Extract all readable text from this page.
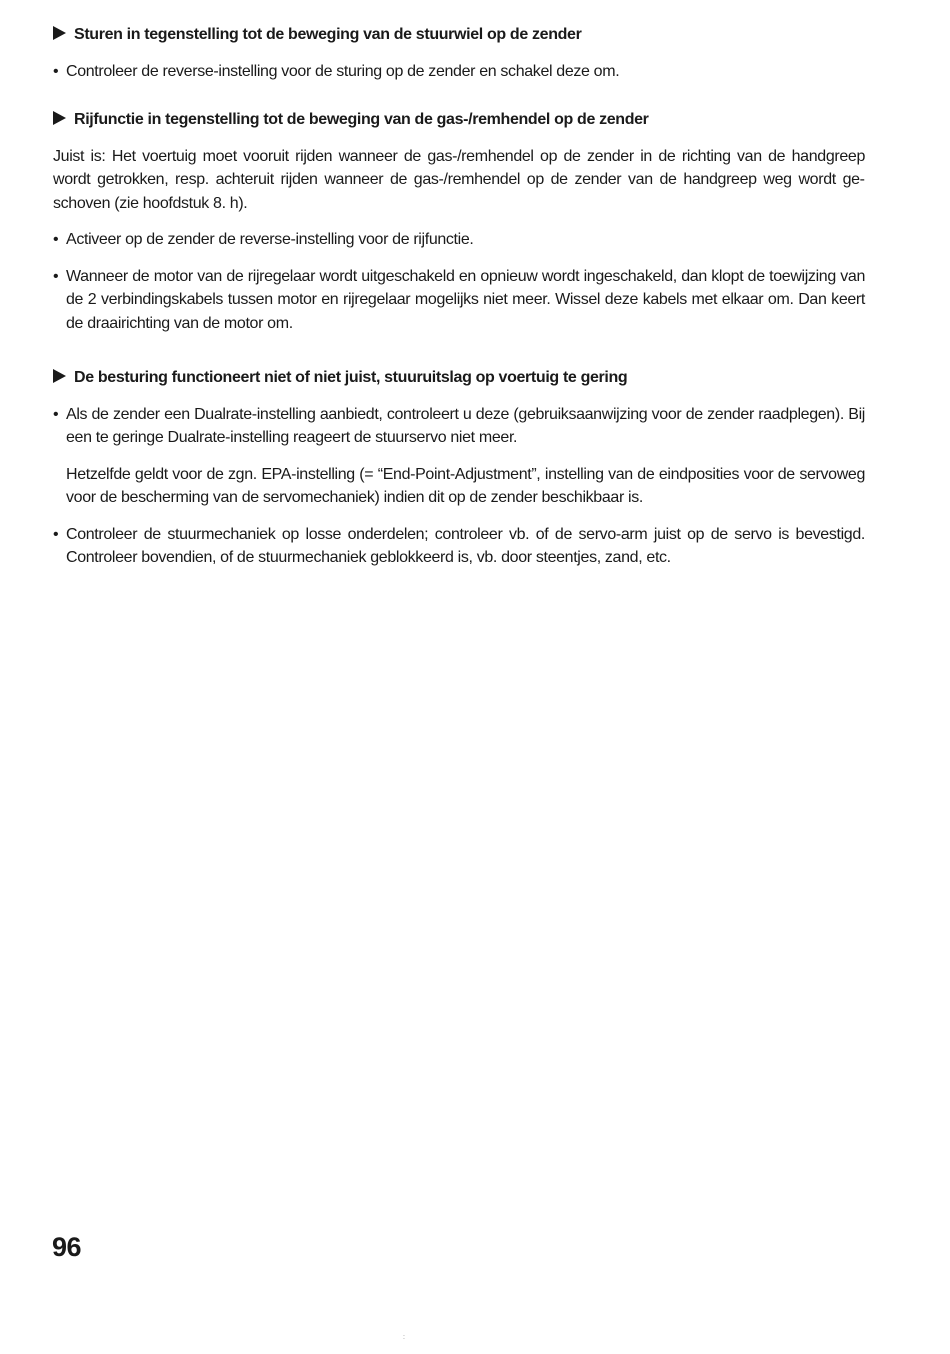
Sturen in tegenstelling tot de beweging van de stuurwiel op de zender
• Controleer de reverse-instelling voor de sturing op de zender en schakel deze om.
Rijfunctie in tegenstelling tot de beweging van de gas-/remhendel op de zender

Juist is: Het voertuig moet vooruit rijden wanneer de gas-/remhendel op de zender in de richting van de handgreep wordt getrokken, resp. achteruit rijden wanneer de gas-/remhendel op de zender van de handgreep weg wordt geschoven (zie hoofdstuk 8. h).

• Activeer op de zender de reverse-instelling voor de rijfunctie.
• Wanneer de motor van de rijregelaar wordt uitgeschakeld en opnieuw wordt ingeschakeld, dan klopt de toewijzing van de 2 verbindingskabels tussen motor en rijregelaar mogelijks niet meer. Wissel deze kabels met elkaar om. Dan keert de draairichting van de motor om.
De besturing functioneert niet of niet juist, stuuruitslag op voertuig te gering
• Als de zender een Dualrate-instelling aanbiedt, controleert u deze (gebruiksaanwijzing voor de zender raadplegen). Bij een te geringe Dualrate-instelling reageert de stuurservo niet meer.

Hetzelfde geldt voor de zgn. EPA-instelling (= “End-Point-Adjustment”, instelling van de eindposities voor de servoweg voor de bescherming van de servomechaniek) indien dit op de zender beschikbaar is.

• Controleer de stuurmechaniek op losse onderdelen; controleer vb. of de servo-arm juist op de servo is bevestigd. Controleer bovendien, of de stuurmechaniek geblokkeerd is, vb. door steentjes, zand, etc.
96
:
